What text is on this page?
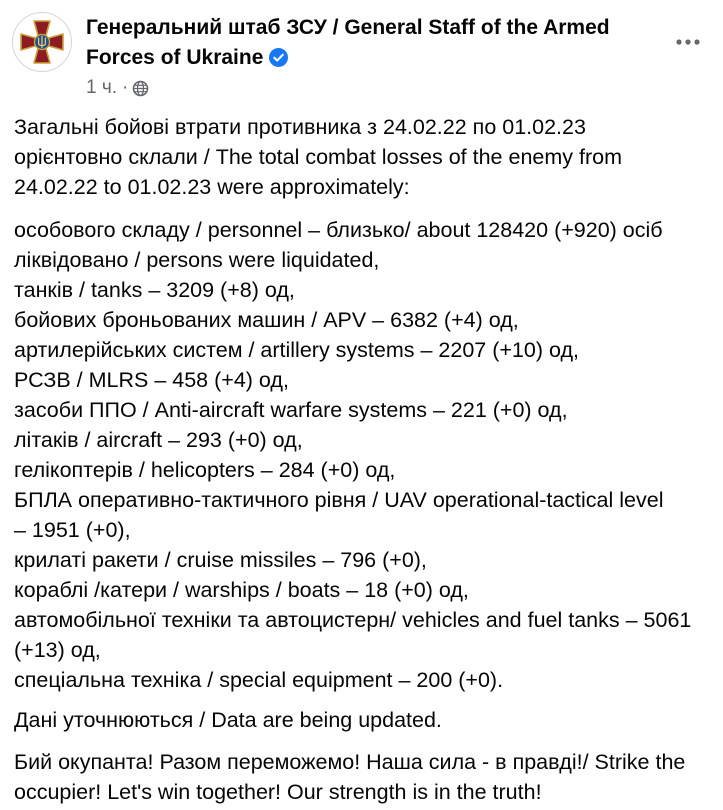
Генеральний штаб ЗСУ / General Staff of the Armed Forces of Ukraine
1 ч. ·
Загальні бойові втрати противника з 24.02.22 по 01.02.23
орієнтовно склали / The total combat losses of the enemy from
24.02.22 to 01.02.23 were approximately:
особового складу / personnel – близько/ about 128420 (+920) осіб
ліквідовано / persons were liquidated,
танків / tanks – 3209 (+8) од,
бойових броньованих машин / APV – 6382 (+4) од,
артилерійських систем / artillery systems – 2207 (+10) од,
РСЗВ / MLRS – 458 (+4) од,
засоби ППО / Anti-aircraft warfare systems – 221 (+0) од,
літаків / aircraft – 293 (+0) од,
гелікоптерів / helicopters – 284 (+0) од,
БПЛА оперативно-тактичного рівня / UAV operational-tactical level
– 1951 (+0),
крилаті ракети / cruise missiles – 796 (+0),
кораблі /катери / warships / boats – 18 (+0) од,
автомобільної техніки та автоцистерн/ vehicles and fuel tanks – 5061
(+13) од,
спеціальна техніка / special equipment – 200 (+0).
Дані уточнюються / Data are being updated.
Бий окупанта! Разом переможемо! Наша сила - в правді!/ Strike the
occupier! Let's win together! Our strength is in the truth!
